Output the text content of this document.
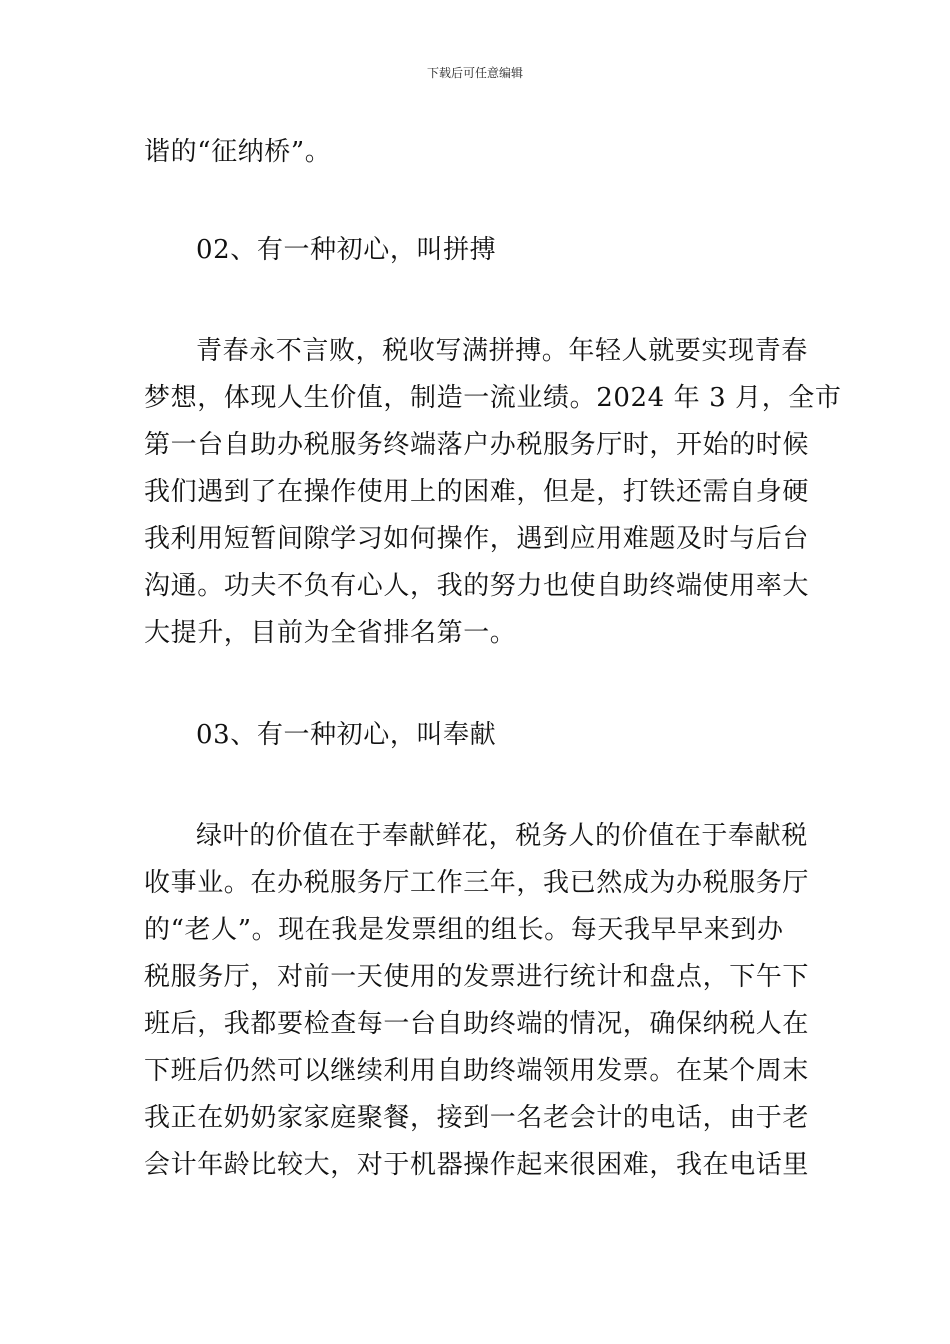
下载后可任意编辑
谐的“征纳桥”。
02、有一种初心，叫拼搏
青春永不言败，税收写满拼搏。年轻人就要实现青春
梦想，体现人生价值，制造一流业绩。2024 年 3 月，全市
第一台自助办税服务终端落户办税服务厅时，开始的时候
我们遇到了在操作使用上的困难，但是，打铁还需自身硬
我利用短暂间隙学习如何操作，遇到应用难题及时与后台
沟通。功夫不负有心人，我的努力也使自助终端使用率大
大提升，目前为全省排名第一。
03、有一种初心，叫奉献
绿叶的价值在于奉献鲜花，税务人的价值在于奉献税
收事业。在办税服务厅工作三年，我已然成为办税服务厅
的“老人”。现在我是发票组的组长。每天我早早来到办
税服务厅，对前一天使用的发票进行统计和盘点，下午下
班后，我都要检查每一台自助终端的情况，确保纳税人在
下班后仍然可以继续利用自助终端领用发票。在某个周末
我正在奶奶家家庭聚餐，接到一名老会计的电话，由于老
会计年龄比较大，对于机器操作起来很困难，我在电话里
